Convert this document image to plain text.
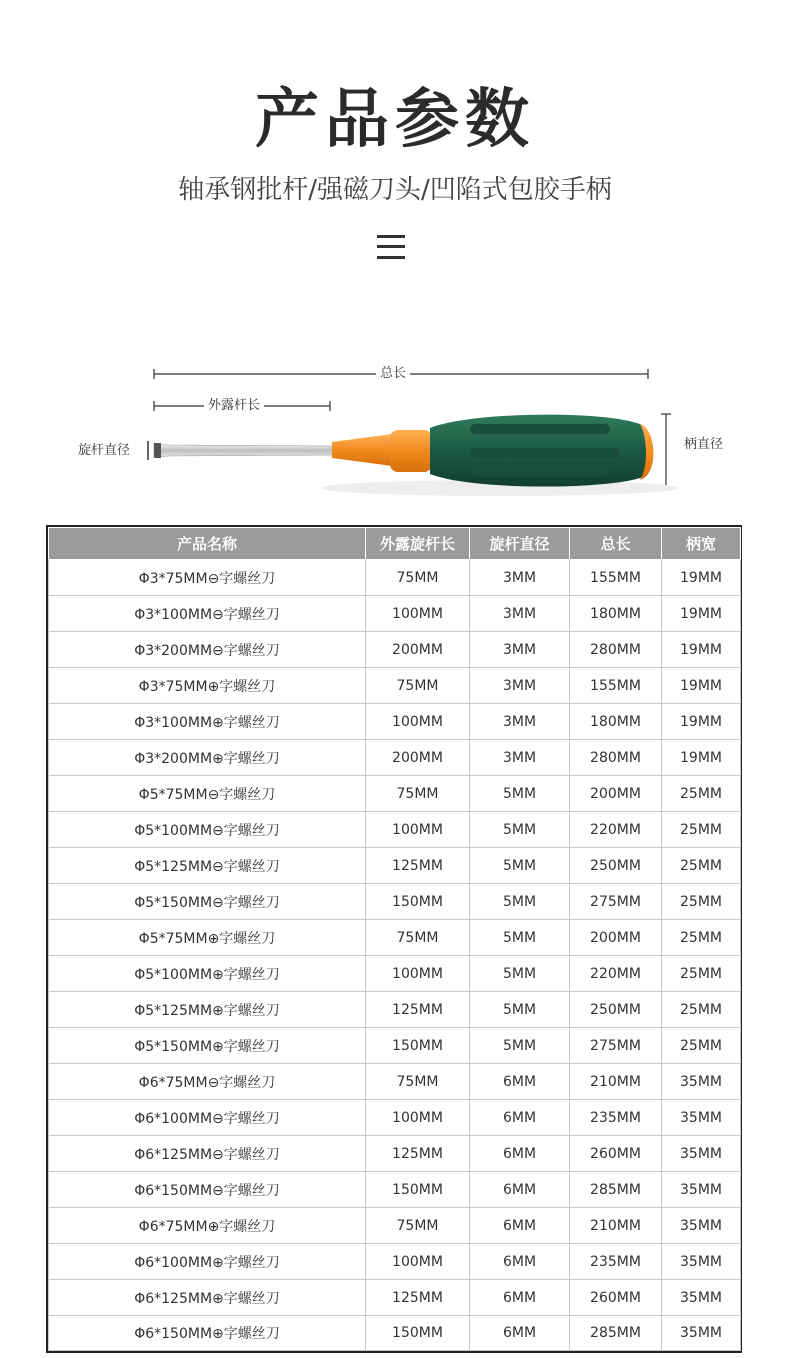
产品参数
轴承钢批杆/强磁刀头/凹陷式包胶手柄
总长
外露杆长
旋杆直径	柄直径
产品名称	外露旋杆长	旋杆直径	总长	柄宽
Φ3*75MM⊖字螺丝刀	75MM	3MM	155MM	19MM
Φ3*100MM⊖字螺丝刀	100MM	3MM	180MM	19MM
Φ3*200MM⊖字螺丝刀	200MM	3MM	280MM	19MM
Φ3*75MM⊕字螺丝刀	75MM	3MM	155MM	19MM
Φ3*100MM⊕字螺丝刀	100MM	3MM	180MM	19MM
Φ3*200MM⊕字螺丝刀	200MM	3MM	280MM	19MM
Φ5*75MM⊖字螺丝刀	75MM	5MM	200MM	25MM
Φ5*100MM⊖字螺丝刀	100MM	5MM	220MM	25MM
Φ5*125MM⊖字螺丝刀	125MM	5MM	250MM	25MM
Φ5*150MM⊖字螺丝刀	150MM	5MM	275MM	25MM
Φ5*75MM⊕字螺丝刀	75MM	5MM	200MM	25MM
Φ5*100MM⊕字螺丝刀	100MM	5MM	220MM	25MM
Φ5*125MM⊕字螺丝刀	125MM	5MM	250MM	25MM
Φ5*150MM⊕字螺丝刀	150MM	5MM	275MM	25MM
Φ6*75MM⊖字螺丝刀	75MM	6MM	210MM	35MM
Φ6*100MM⊖字螺丝刀	100MM	6MM	235MM	35MM
Φ6*125MM⊖字螺丝刀	125MM	6MM	260MM	35MM
Φ6*150MM⊖字螺丝刀	150MM	6MM	285MM	35MM
Φ6*75MM⊕字螺丝刀	75MM	6MM	210MM	35MM
Φ6*100MM⊕字螺丝刀	100MM	6MM	235MM	35MM
Φ6*125MM⊕字螺丝刀	125MM	6MM	260MM	35MM
Φ6*150MM⊕字螺丝刀	150MM	6MM	285MM	35MM
